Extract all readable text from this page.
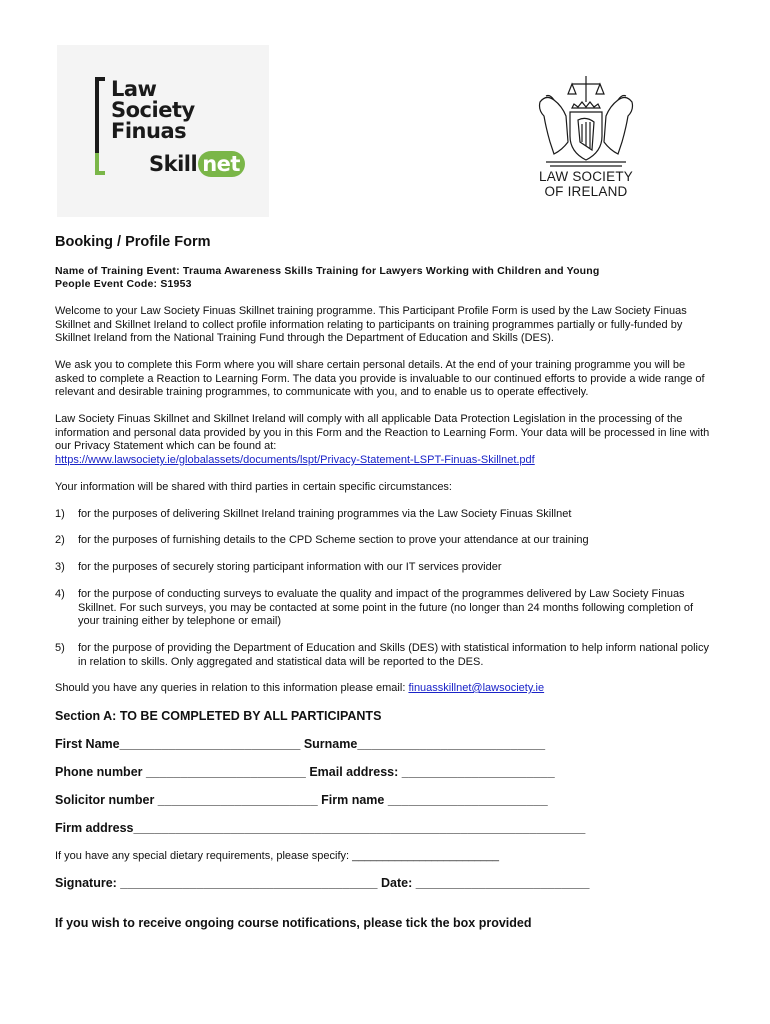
Law
Society
Finuas
Skill net
LAW SOCIETY
OF IRELAND
Booking / Profile Form
Name of Training Event: Trauma Awareness Skills Training for Lawyers Working with Children and Young
People Event Code: S1953
Welcome to your Law Society Finuas Skillnet training programme. This Participant Profile Form is used by the Law Society Finuas Skillnet and Skillnet Ireland to collect profile information relating to participants on training programmes partially or fully-funded by Skillnet Ireland from the National Training Fund through the Department of Education and Skills (DES).
We ask you to complete this Form where you will share certain personal details. At the end of your training programme you will be asked to complete a Reaction to Learning Form. The data you provide is invaluable to our continued efforts to provide a wide range of relevant and desirable training programmes, to communicate with you, and to enable us to operate effectively.
Law Society Finuas Skillnet and Skillnet Ireland will comply with all applicable Data Protection Legislation in the processing of the information and personal data provided by you in this Form and the Reaction to Learning Form. Your data will be processed in line with our Privacy Statement which can be found at:
https://www.lawsociety.ie/globalassets/documents/lspt/Privacy-Statement-LSPT-Finuas-Skillnet.pdf
Your information will be shared with third parties in certain specific circumstances:
1) for the purposes of delivering Skillnet Ireland training programmes via the Law Society Finuas Skillnet
2) for the purposes of furnishing details to the CPD Scheme section to prove your attendance at our training
3) for the purposes of securely storing participant information with our IT services provider
4) for the purpose of conducting surveys to evaluate the quality and impact of the programmes delivered by Law Society Finuas Skillnet. For such surveys, you may be contacted at some point in the future (no longer than 24 months following completion of your training either by telephone or email)
5) for the purpose of providing the Department of Education and Skills (DES) with statistical information to help inform national policy in relation to skills. Only aggregated and statistical data will be reported to the DES.
Should you have any queries in relation to this information please email: finuasskillnet@lawsociety.ie
Section A: TO BE COMPLETED BY ALL PARTICIPANTS
First Name__________________________ Surname___________________________
Phone number _______________________ Email address: ______________________
Solicitor number _______________________ Firm name _______________________
Firm address_________________________________________________________________
If you have any special dietary requirements, please specify: ________________________
Signature: _____________________________________ Date: _________________________
If you wish to receive ongoing course notifications, please tick the box provided
